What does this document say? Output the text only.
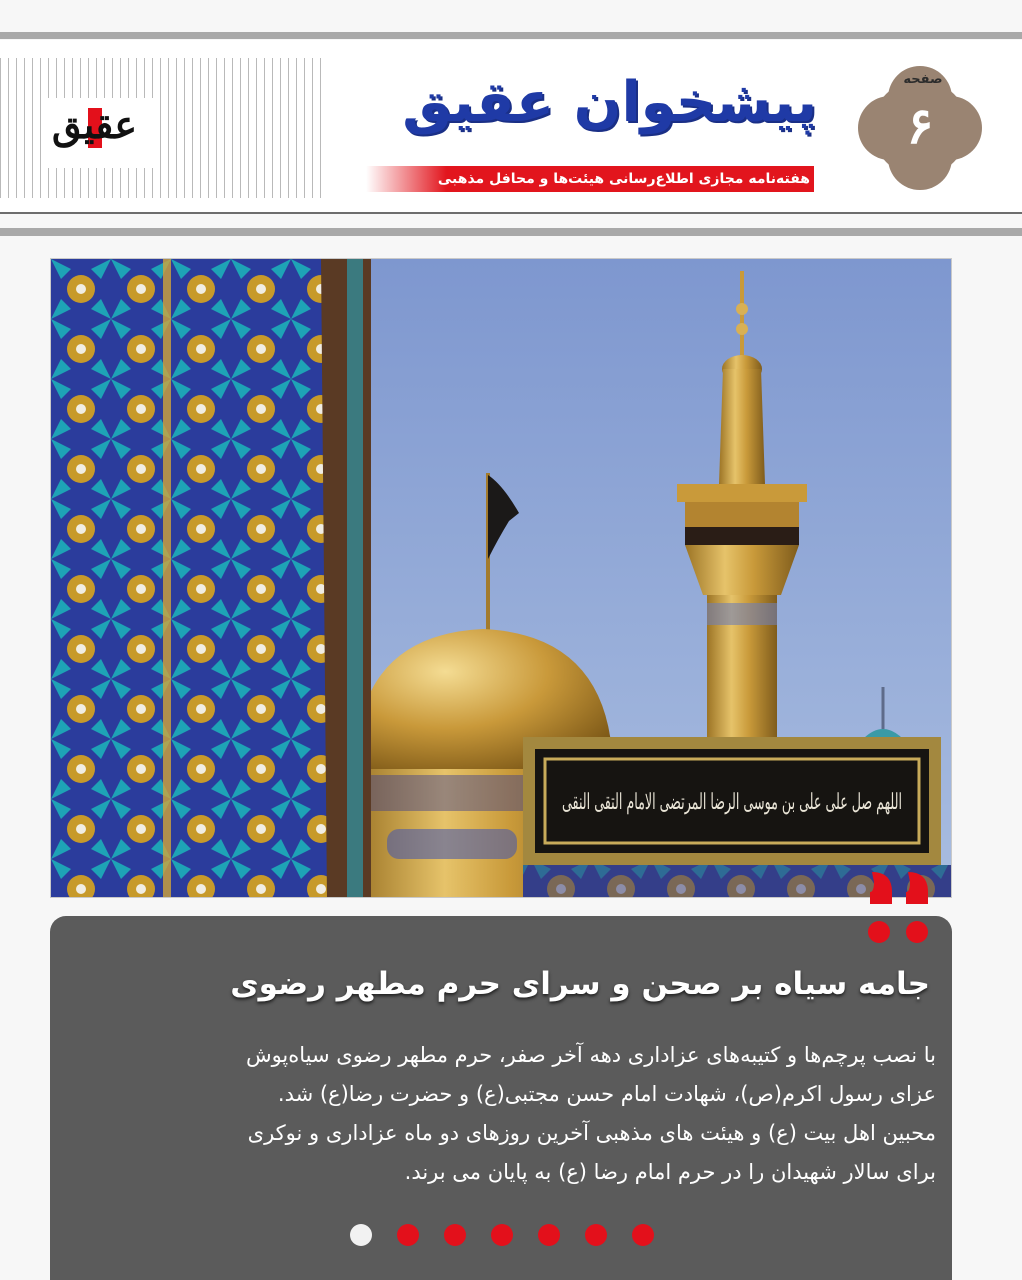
عقیق	پیشخوان عقیق
هفته‌نامه مجازی اطلاع‌رسانی هیئت‌ها و محافل مذهبی
صفحه
۶
اللهم صل علی علی بن موسی الرضا المرتضی الامام التقی النقی
جامه سیاه بر صحن و سرای حرم مطهر رضوی
با نصب پرچم‌ها و کتیبه‌های عزاداری دهه آخر صفر، حرم مطهر رضوی سیاه‌پوش
عزای رسول اکرم(ص)، شهادت امام حسن مجتبی(ع) و حضرت رضا(ع) شد.
محبین اهل بیت (ع) و هیئت های مذهبی آخرین روزهای دو ماه عزاداری و نوکری
برای سالار شهیدان را در حرم امام رضا (ع) به پایان می برند.
